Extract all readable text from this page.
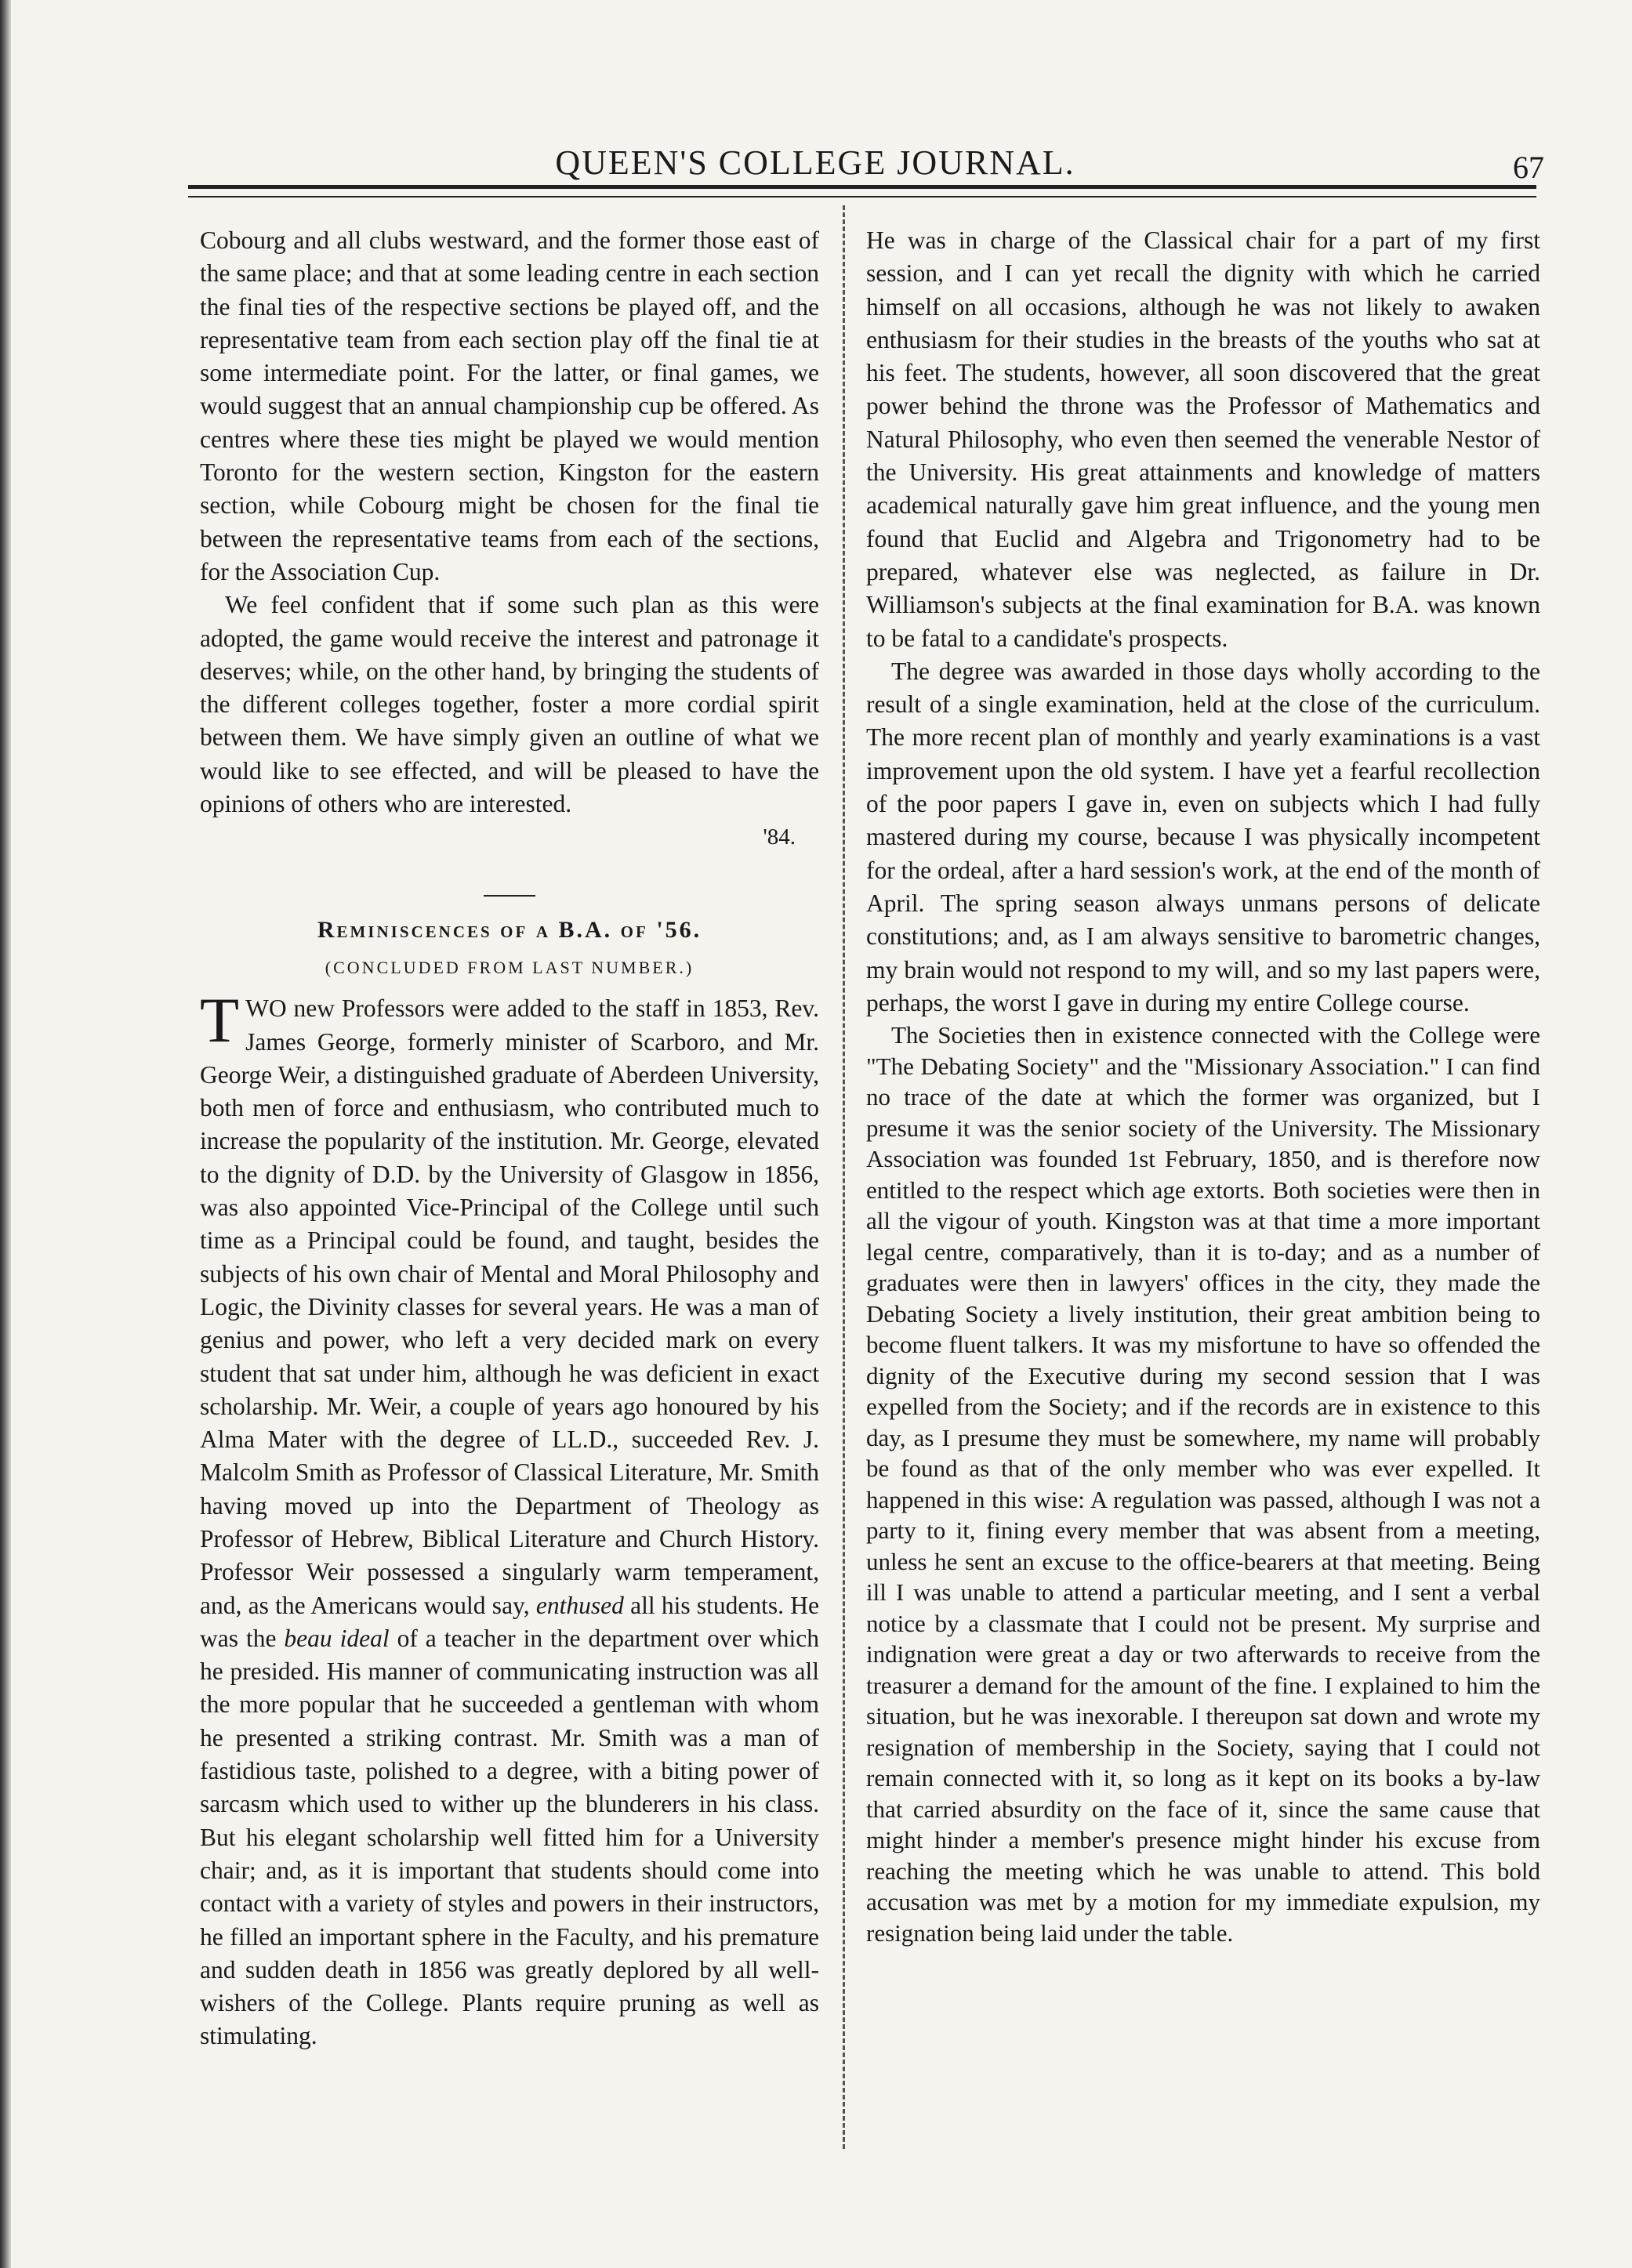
QUEEN'S COLLEGE JOURNAL.	67

Cobourg and all clubs westward, and the former those east of the same place; and that at some leading centre in each section the final ties of the respective sections be played off, and the representative team from each section play off the final tie at some intermediate point. For the latter, or final games, we would suggest that an annual championship cup be offered. As centres where these ties might be played we would mention Toronto for the western section, Kingston for the eastern section, while Cobourg might be chosen for the final tie between the representative teams from each of the sections, for the Association Cup.

We feel confident that if some such plan as this were adopted, the game would receive the interest and patronage it deserves; while, on the other hand, by bringing the students of the different colleges together, foster a more cordial spirit between them. We have simply given an outline of what we would like to see effected, and will be pleased to have the opinions of others who are interested.

'84.

Reminiscences of a B.A. of '56.
(CONCLUDED FROM LAST NUMBER.)

TWO new Professors were added to the staff in 1853, Rev. James George, formerly minister of Scarboro, and Mr. George Weir, a distinguished graduate of Aberdeen University, both men of force and enthusiasm, who contributed much to increase the popularity of the institution. Mr. George, elevated to the dignity of D.D. by the University of Glasgow in 1856, was also appointed Vice-Principal of the College until such time as a Principal could be found, and taught, besides the subjects of his own chair of Mental and Moral Philosophy and Logic, the Divinity classes for several years. He was a man of genius and power, who left a very decided mark on every student that sat under him, although he was deficient in exact scholarship. Mr. Weir, a couple of years ago honoured by his Alma Mater with the degree of LL.D., succeeded Rev. J. Malcolm Smith as Professor of Classical Literature, Mr. Smith having moved up into the Department of Theology as Professor of Hebrew, Biblical Literature and Church History. Professor Weir possessed a singularly warm temperament, and, as the Americans would say, enthused all his students. He was the beau ideal of a teacher in the department over which he presided. His manner of communicating instruction was all the more popular that he succeeded a gentleman with whom he presented a striking contrast. Mr. Smith was a man of fastidious taste, polished to a degree, with a biting power of sarcasm which used to wither up the blunderers in his class. But his elegant scholarship well fitted him for a University chair; and, as it is important that students should come into contact with a variety of styles and powers in their instructors, he filled an important sphere in the Faculty, and his premature and sudden death in 1856 was greatly deplored by all well-wishers of the College. Plants require pruning as well as stimulating.

He was in charge of the Classical chair for a part of my first session, and I can yet recall the dignity with which he carried himself on all occasions, although he was not likely to awaken enthusiasm for their studies in the breasts of the youths who sat at his feet. The students, however, all soon discovered that the great power behind the throne was the Professor of Mathematics and Natural Philosophy, who even then seemed the venerable Nestor of the University. His great attainments and knowledge of matters academical naturally gave him great influence, and the young men found that Euclid and Algebra and Trigonometry had to be prepared, whatever else was neglected, as failure in Dr. Williamson's subjects at the final examination for B.A. was known to be fatal to a candidate's prospects.

The degree was awarded in those days wholly according to the result of a single examination, held at the close of the curriculum. The more recent plan of monthly and yearly examinations is a vast improvement upon the old system. I have yet a fearful recollection of the poor papers I gave in, even on subjects which I had fully mastered during my course, because I was physically incompetent for the ordeal, after a hard session's work, at the end of the month of April. The spring season always unmans persons of delicate constitutions; and, as I am always sensitive to barometric changes, my brain would not respond to my will, and so my last papers were, perhaps, the worst I gave in during my entire College course.

The Societies then in existence connected with the College were "The Debating Society" and the "Missionary Association." I can find no trace of the date at which the former was organized, but I presume it was the senior society of the University. The Missionary Association was founded 1st February, 1850, and is therefore now entitled to the respect which age extorts. Both societies were then in all the vigour of youth. Kingston was at that time a more important legal centre, comparatively, than it is to-day; and as a number of graduates were then in lawyers' offices in the city, they made the Debating Society a lively institution, their great ambition being to become fluent talkers. It was my misfortune to have so offended the dignity of the Executive during my second session that I was expelled from the Society; and if the records are in existence to this day, as I presume they must be somewhere, my name will probably be found as that of the only member who was ever expelled. It happened in this wise: A regulation was passed, although I was not a party to it, fining every member that was absent from a meeting, unless he sent an excuse to the office-bearers at that meeting. Being ill I was unable to attend a particular meeting, and I sent a verbal notice by a classmate that I could not be present. My surprise and indignation were great a day or two afterwards to receive from the treasurer a demand for the amount of the fine. I explained to him the situation, but he was inexorable. I thereupon sat down and wrote my resignation of membership in the Society, saying that I could not remain connected with it, so long as it kept on its books a by-law that carried absurdity on the face of it, since the same cause that might hinder a member's presence might hinder his excuse from reaching the meeting which he was unable to attend. This bold accusation was met by a motion for my immediate expulsion, my resignation being laid under the table.
